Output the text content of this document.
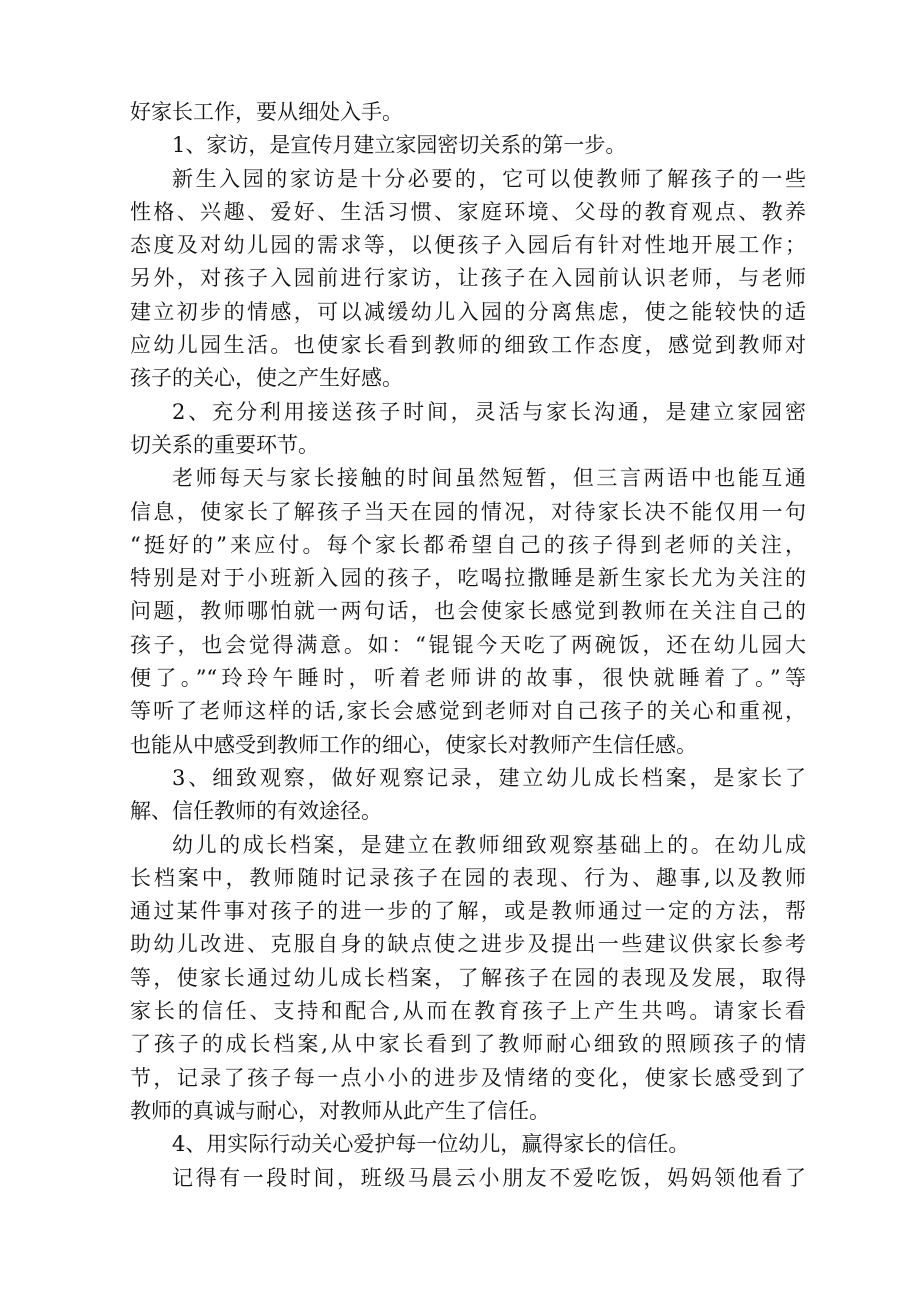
好家长工作，要从细处入手。
1、家访，是宣传月建立家园密切关系的第一步。
新生入园的家访是十分必要的，它可以使教师了解孩子的一些
性格、兴趣、爱好、生活习惯、家庭环境、父母的教育观点、教养
态度及对幼儿园的需求等，以便孩子入园后有针对性地开展工作；
另外，对孩子入园前进行家访，让孩子在入园前认识老师，与老师
建立初步的情感，可以减缓幼儿入园的分离焦虑，使之能较快的适
应幼儿园生活。也使家长看到教师的细致工作态度，感觉到教师对
孩子的关心，使之产生好感。
2、充分利用接送孩子时间，灵活与家长沟通，是建立家园密
切关系的重要环节。
老师每天与家长接触的时间虽然短暂，但三言两语中也能互通
信息，使家长了解孩子当天在园的情况，对待家长决不能仅用一句
“挺好的”来应付。每个家长都希望自己的孩子得到老师的关注，
特别是对于小班新入园的孩子，吃喝拉撒睡是新生家长尤为关注的
问题，教师哪怕就一两句话，也会使家长感觉到教师在关注自己的
孩子，也会觉得满意。如：“锟锟今天吃了两碗饭，还在幼儿园大
便了。”“玲玲午睡时，听着老师讲的故事，很快就睡着了。”等
等听了老师这样的话,家长会感觉到老师对自己孩子的关心和重视，
也能从中感受到教师工作的细心，使家长对教师产生信任感。
3、细致观察，做好观察记录，建立幼儿成长档案，是家长了
解、信任教师的有效途径。
幼儿的成长档案，是建立在教师细致观察基础上的。在幼儿成
长档案中，教师随时记录孩子在园的表现、行为、趣事,以及教师
通过某件事对孩子的进一步的了解，或是教师通过一定的方法，帮
助幼儿改进、克服自身的缺点使之进步及提出一些建议供家长参考
等，使家长通过幼儿成长档案，了解孩子在园的表现及发展，取得
家长的信任、支持和配合,从而在教育孩子上产生共鸣。请家长看
了孩子的成长档案,从中家长看到了教师耐心细致的照顾孩子的情
节，记录了孩子每一点小小的进步及情绪的变化，使家长感受到了
教师的真诚与耐心，对教师从此产生了信任。
4、用实际行动关心爱护每一位幼儿，赢得家长的信任。
记得有一段时间，班级马晨云小朋友不爱吃饭，妈妈领他看了
